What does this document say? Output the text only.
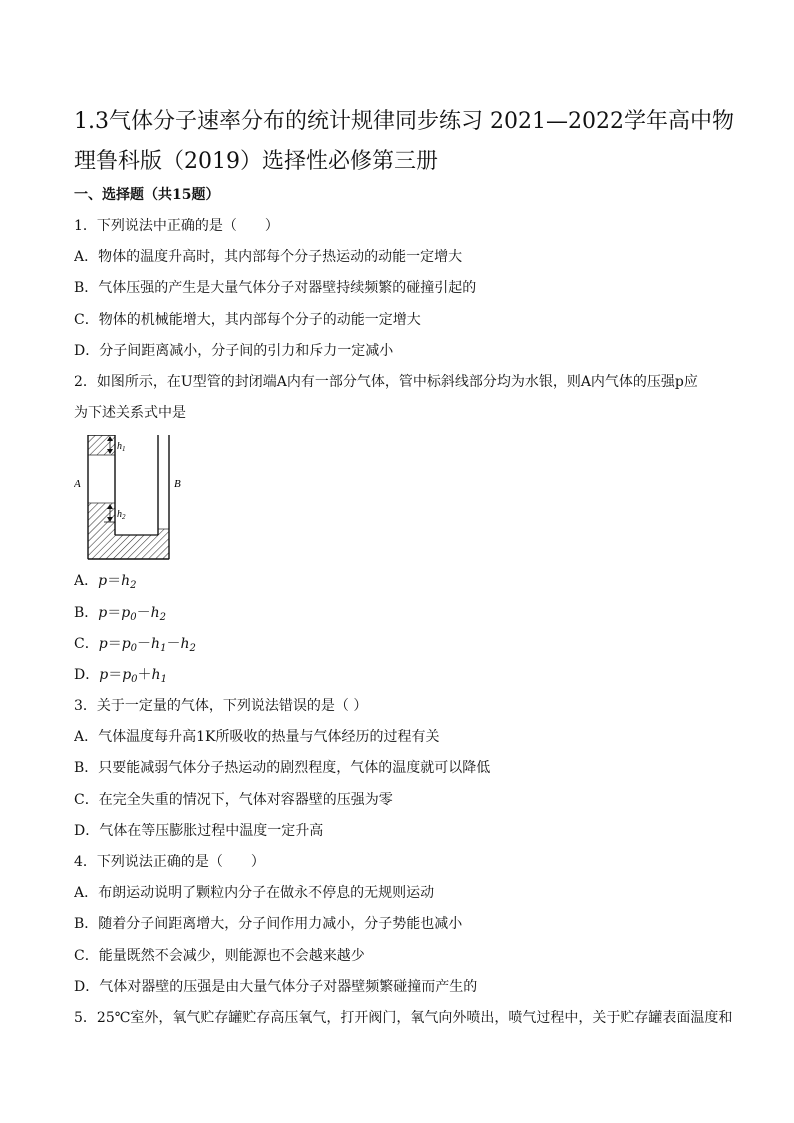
1.3气体分子速率分布的统计规律同步练习 2021—2022学年高中物理鲁科版（2019）选择性必修第三册
一、选择题（共15题）
1．下列说法中正确的是（　　）
A．物体的温度升高时，其内部每个分子热运动的动能一定增大
B．气体压强的产生是大量气体分子对器壁持续频繁的碰撞引起的
C．物体的机械能增大，其内部每个分子的动能一定增大
D．分子间距离减小，分子间的引力和斥力一定减小
2．如图所示，在U型管的封闭端A内有一部分气体，管中标斜线部分均为水银，则A内气体的压强p应
为下述关系式中是
A	B
$h_1$
$h_2$
A．$p=h_2$
B．$p=p_0-h_2$
C．$p=p_0-h_1-h_2$
D．$p=p_0+h_1$
3．关于一定量的气体，下列说法错误的是（ ）
A．气体温度每升高1K所吸收的热量与气体经历的过程有关
B．只要能减弱气体分子热运动的剧烈程度，气体的温度就可以降低
C．在完全失重的情况下，气体对容器壁的压强为零
D．气体在等压膨胀过程中温度一定升高
4．下列说法正确的是（　　）
A．布朗运动说明了颗粒内分子在做永不停息的无规则运动
B．随着分子间距离增大，分子间作用力减小，分子势能也减小
C．能量既然不会减少，则能源也不会越来越少
D．气体对器壁的压强是由大量气体分子对器壁频繁碰撞而产生的
5．25℃室外，氧气贮存罐贮存高压氧气，打开阀门，氧气向外喷出，喷气过程中，关于贮存罐表面温度和
